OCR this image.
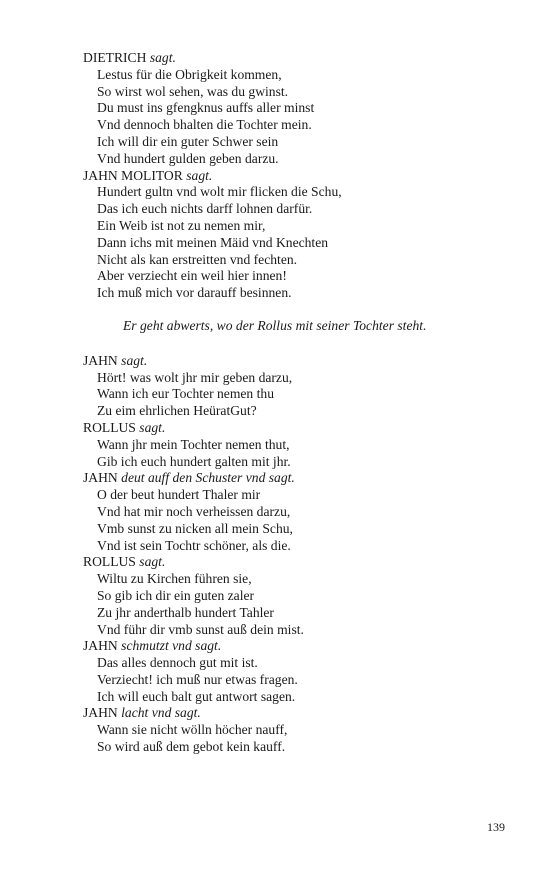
DIETRICH sagt.
Lestus für die Obrigkeit kommen,
So wirst wol sehen, was du gwinst.
Du must ins gfengknus auffs aller minst
Vnd dennoch bhalten die Tochter mein.
Ich will dir ein guter Schwer sein
Vnd hundert gulden geben darzu.
JAHN MOLITOR sagt.
Hundert gultn vnd wolt mir flicken die Schu,
Das ich euch nichts darff lohnen darfür.
Ein Weib ist not zu nemen mir,
Dann ichs mit meinen Mäid vnd Knechten
Nicht als kan erstreitten vnd fechten.
Aber verziecht ein weil hier innen!
Ich muß mich vor darauff besinnen.
Er geht abwerts, wo der Rollus mit seiner Tochter steht.
JAHN sagt.
Hört! was wolt jhr mir geben darzu,
Wann ich eur Tochter nemen thu
Zu eim ehrlichen HeüratGut?
ROLLUS sagt.
Wann jhr mein Tochter nemen thut,
Gib ich euch hundert galten mit jhr.
JAHN deut auff den Schuster vnd sagt.
O der beut hundert Thaler mir
Vnd hat mir noch verheissen darzu,
Vmb sunst zu nicken all mein Schu,
Vnd ist sein Tochtr schöner, als die.
ROLLUS sagt.
Wiltu zu Kirchen führen sie,
So gib ich dir ein guten zaler
Zu jhr anderthalb hundert Tahler
Vnd führ dir vmb sunst auß dein mist.
JAHN schmutzt vnd sagt.
Das alles dennoch gut mit ist.
Verziecht! ich muß nur etwas fragen.
Ich will euch balt gut antwort sagen.
JAHN lacht vnd sagt.
Wann sie nicht wölln höcher nauff,
So wird auß dem gebot kein kauff.
139
